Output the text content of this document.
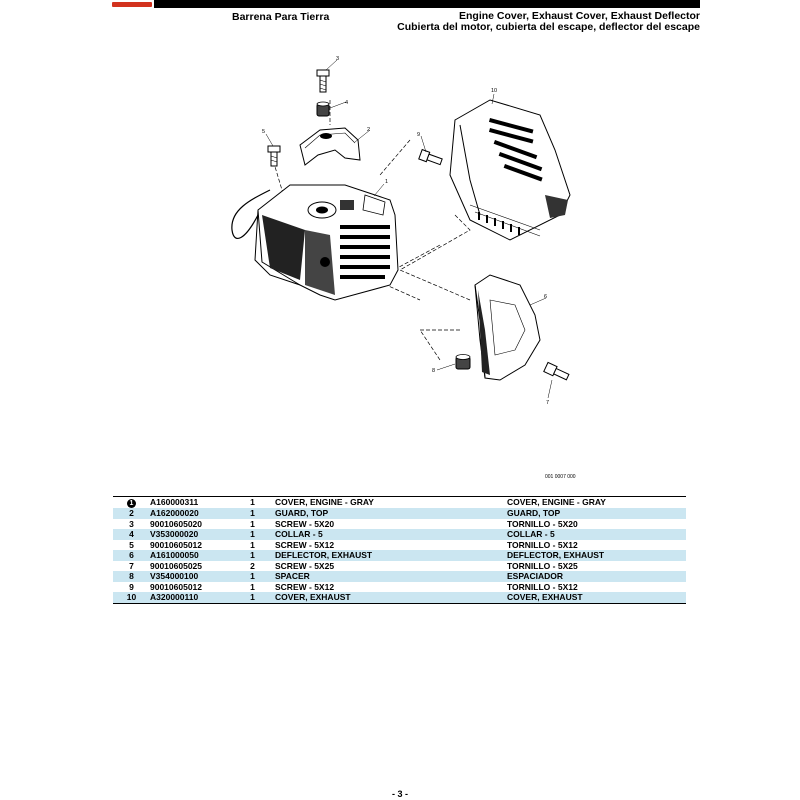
Barrena Para Tierra	Engine Cover, Exhaust Cover, Exhaust Deflector
Cubierta del motor, cubierta del escape, deflector del escape
1
2
3
4
5
6
7
8
9
10
001 0007 000
1	A160000311	1	COVER, ENGINE - GRAY	COVER, ENGINE - GRAY
2	A162000020	1	GUARD, TOP	GUARD, TOP
3	90010605020	1	SCREW - 5X20	TORNILLO - 5X20
4	V353000020	1	COLLAR - 5	COLLAR - 5
5	90010605012	1	SCREW - 5X12	TORNILLO - 5X12
6	A161000050	1	DEFLECTOR, EXHAUST	DEFLECTOR, EXHAUST
7	90010605025	2	SCREW - 5X25	TORNILLO - 5X25
8	V354000100	1	SPACER	ESPACIADOR
9	90010605012	1	SCREW - 5X12	TORNILLO - 5X12
10	A320000110	1	COVER, EXHAUST	COVER, EXHAUST
- 3 -
